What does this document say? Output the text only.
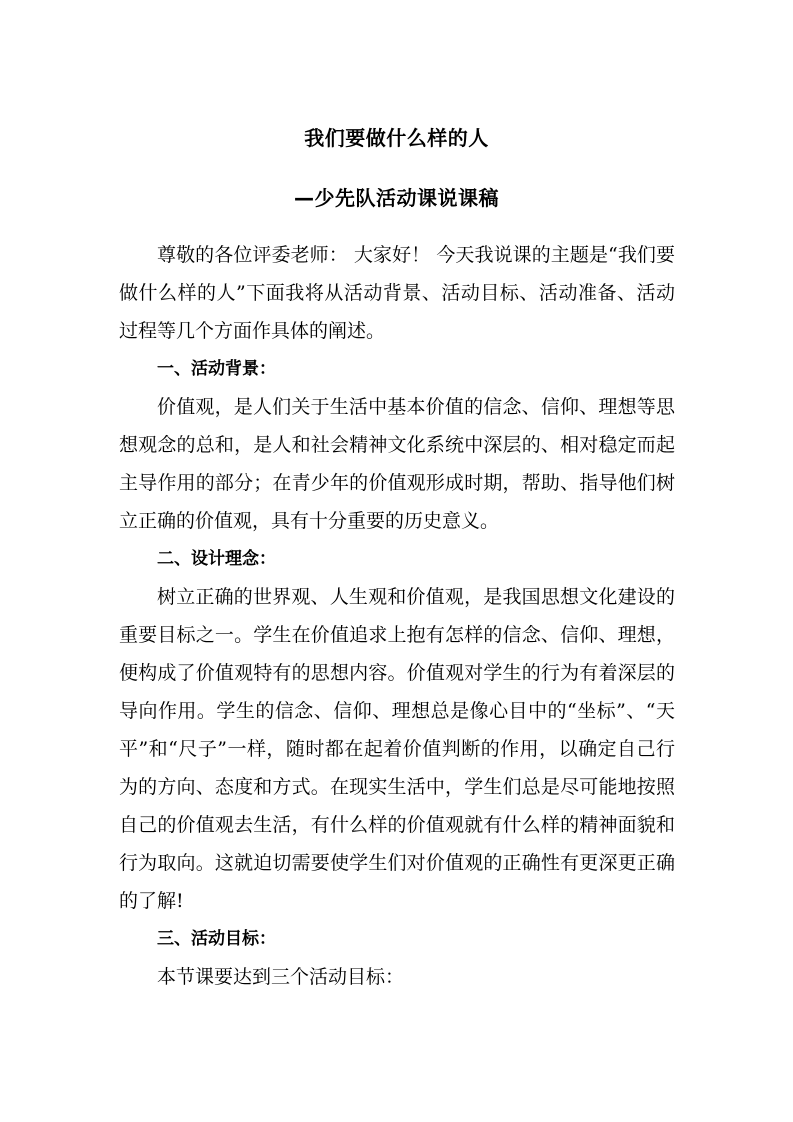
我们要做什么样的人
—少先队活动课说课稿

尊敬的各位评委老师： 大家好！ 今天我说课的主题是“我们要做什么样的人”下面我将从活动背景、活动目标、活动准备、活动过程等几个方面作具体的阐述。

一、活动背景：

价值观，是人们关于生活中基本价值的信念、信仰、理想等思想观念的总和，是人和社会精神文化系统中深层的、相对稳定而起主导作用的部分；在青少年的价值观形成时期，帮助、指导他们树立正确的价值观，具有十分重要的历史意义。

二、设计理念：

树立正确的世界观、人生观和价值观，是我国思想文化建设的重要目标之一。学生在价值追求上抱有怎样的信念、信仰、理想，便构成了价值观特有的思想内容。价值观对学生的行为有着深层的导向作用。学生的信念、信仰、理想总是像心目中的“坐标”、“天平”和“尺子”一样，随时都在起着价值判断的作用，以确定自己行为的方向、态度和方式。在现实生活中，学生们总是尽可能地按照自己的价值观去生活，有什么样的价值观就有什么样的精神面貌和行为取向。这就迫切需要使学生们对价值观的正确性有更深更正确的了解!

三、活动目标：

本节课要达到三个活动目标：
